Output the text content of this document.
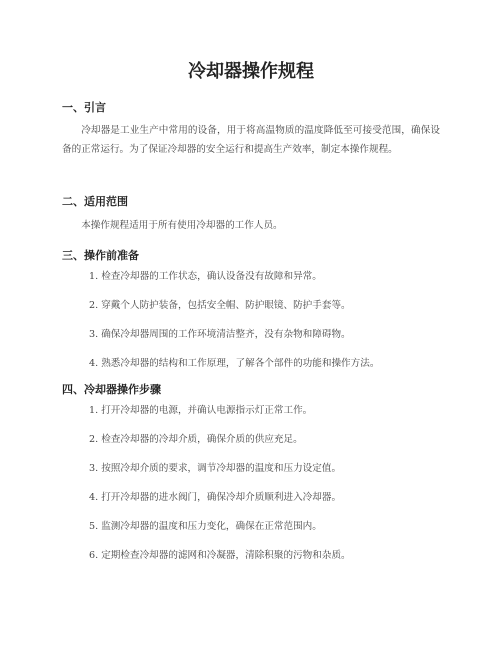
冷却器操作规程
一、引言

冷却器是工业生产中常用的设备，用于将高温物质的温度降低至可接受范围，确保设备的正常运行。为了保证冷却器的安全运行和提高生产效率，制定本操作规程。

二、适用范围

本操作规程适用于所有使用冷却器的工作人员。

三、操作前准备
1. 检查冷却器的工作状态，确认设备没有故障和异常。
2. 穿戴个人防护装备，包括安全帽、防护眼镜、防护手套等。
3. 确保冷却器周围的工作环境清洁整齐，没有杂物和障碍物。
4. 熟悉冷却器的结构和工作原理，了解各个部件的功能和操作方法。
四、冷却器操作步骤
1. 打开冷却器的电源，并确认电源指示灯正常工作。
2. 检查冷却器的冷却介质，确保介质的供应充足。
3. 按照冷却介质的要求，调节冷却器的温度和压力设定值。
4. 打开冷却器的进水阀门，确保冷却介质顺利进入冷却器。
5. 监测冷却器的温度和压力变化，确保在正常范围内。
6. 定期检查冷却器的滤网和冷凝器，清除积聚的污物和杂质。
